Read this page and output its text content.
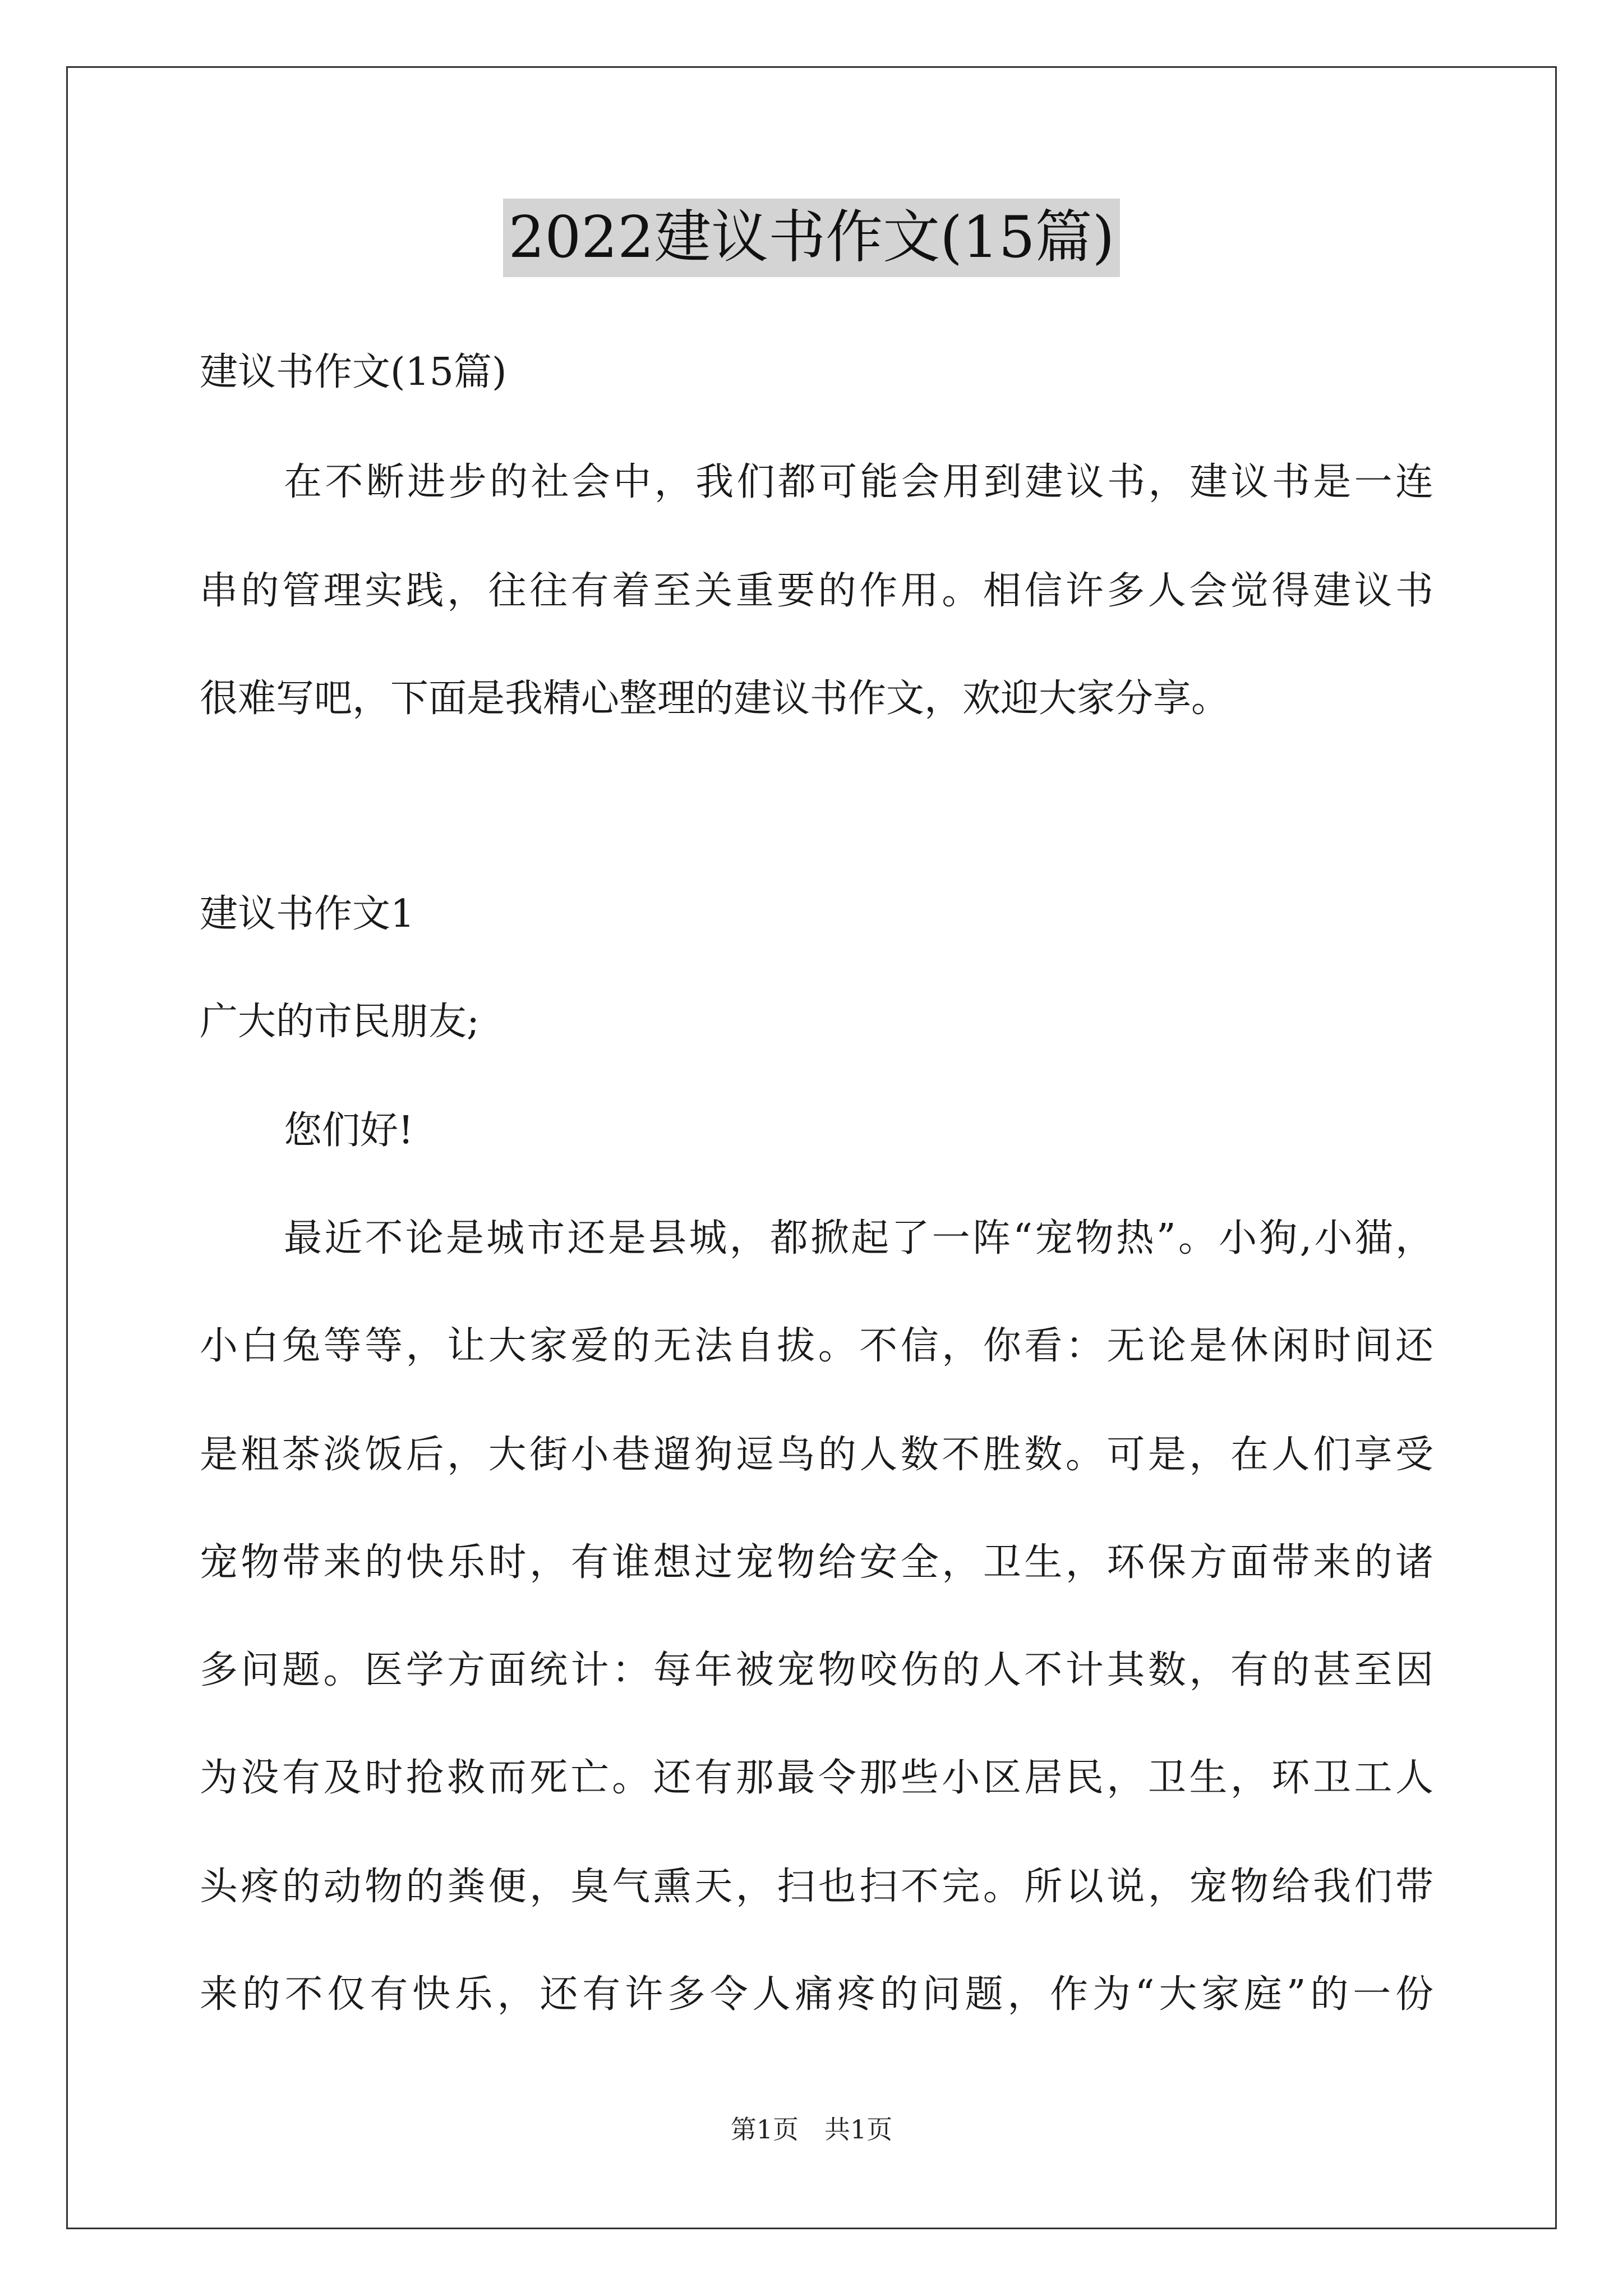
2022建议书作文(15篇)
建议书作文(15篇)
在不断进步的社会中，我们都可能会用到建议书，建议书是一连
串的管理实践，往往有着至关重要的作用。相信许多人会觉得建议书
很难写吧，下面是我精心整理的建议书作文，欢迎大家分享。
建议书作文1
广大的市民朋友;
您们好!
最近不论是城市还是县城，都掀起了一阵“宠物热”。小狗,小猫，
小白兔等等，让大家爱的无法自拔。不信，你看：无论是休闲时间还
是粗茶淡饭后，大街小巷遛狗逗鸟的人数不胜数。可是，在人们享受
宠物带来的快乐时，有谁想过宠物给安全，卫生，环保方面带来的诸
多问题。医学方面统计：每年被宠物咬伤的人不计其数，有的甚至因
为没有及时抢救而死亡。还有那最令那些小区居民，卫生，环卫工人
头疼的动物的粪便，臭气熏天，扫也扫不完。所以说，宠物给我们带
来的不仅有快乐，还有许多令人痛疼的问题，作为“大家庭”的一份
第1页　共1页
